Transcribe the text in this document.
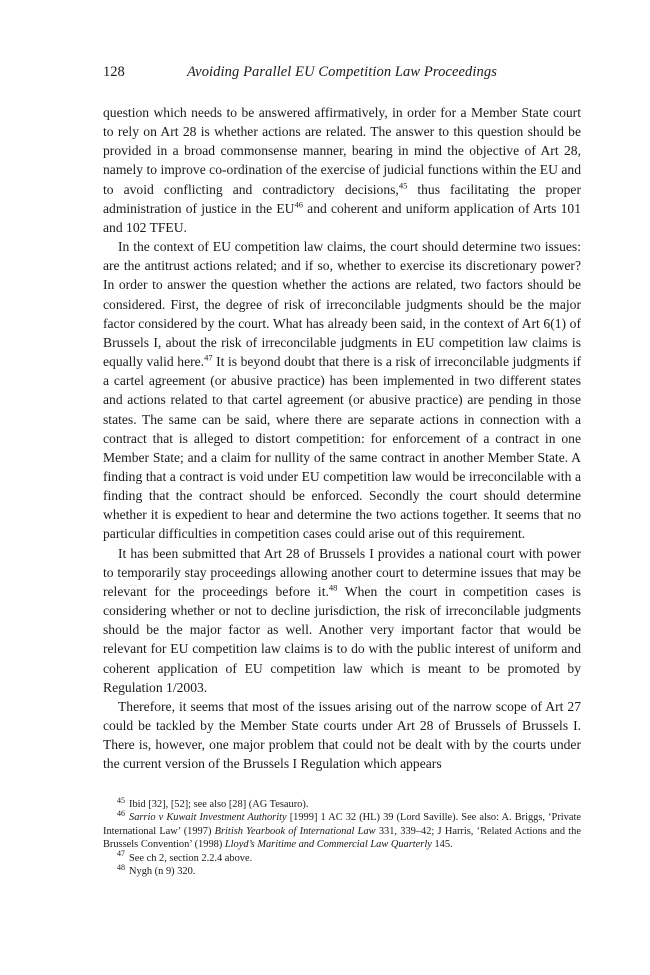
128	Avoiding Parallel EU Competition Law Proceedings

question which needs to be answered affirmatively, in order for a Member State court to rely on Art 28 is whether actions are related. The answer to this question should be provided in a broad commonsense manner, bearing in mind the objective of Art 28, namely to improve co-ordination of the exercise of judicial functions within the EU and to avoid conflicting and contradictory decisions,$^{45}$ thus facilitating the proper administration of justice in the EU$^{46}$ and coherent and uniform application of Arts 101 and 102 TFEU.

In the context of EU competition law claims, the court should determine two issues: are the antitrust actions related; and if so, whether to exercise its discretionary power? In order to answer the question whether the actions are related, two factors should be considered. First, the degree of risk of irreconcilable judgments should be the major factor considered by the court. What has already been said, in the context of Art 6(1) of Brussels I, about the risk of irreconcilable judgments in EU competition law claims is equally valid here.$^{47}$ It is beyond doubt that there is a risk of irreconcilable judgments if a cartel agreement (or abusive practice) has been implemented in two different states and actions related to that cartel agreement (or abusive practice) are pending in those states. The same can be said, where there are separate actions in connection with a contract that is alleged to distort competition: for enforcement of a contract in one Member State; and a claim for nullity of the same contract in another Member State. A finding that a contract is void under EU competition law would be irreconcilable with a finding that the contract should be enforced. Secondly the court should determine whether it is expedient to hear and determine the two actions together. It seems that no particular difficulties in competition cases could arise out of this requirement.

It has been submitted that Art 28 of Brussels I provides a national court with power to temporarily stay proceedings allowing another court to determine issues that may be relevant for the proceedings before it.$^{48}$ When the court in competition cases is considering whether or not to decline jurisdiction, the risk of irreconcilable judgments should be the major factor as well. Another very important factor that would be relevant for EU competition law claims is to do with the public interest of uniform and coherent application of EU competition law which is meant to be promoted by Regulation 1/2003.

Therefore, it seems that most of the issues arising out of the narrow scope of Art 27 could be tackled by the Member State courts under Art 28 of Brussels of Brussels I. There is, however, one major problem that could not be dealt with by the courts under the current version of the Brussels I Regulation which appears

$^{45}$ Ibid [32], [52]; see also [28] (AG Tesauro).

$^{46}$ Sarrio v Kuwait Investment Authority [1999] 1 AC 32 (HL) 39 (Lord Saville). See also: A. Briggs, ‘Private International Law’ (1997) British Yearbook of International Law 331, 339–42; J Harris, ‘Related Actions and the Brussels Convention’ (1998) Lloyd’s Maritime and Commercial Law Quarterly 145.

$^{47}$ See ch 2, section 2.2.4 above.

$^{48}$ Nygh (n 9) 320.
